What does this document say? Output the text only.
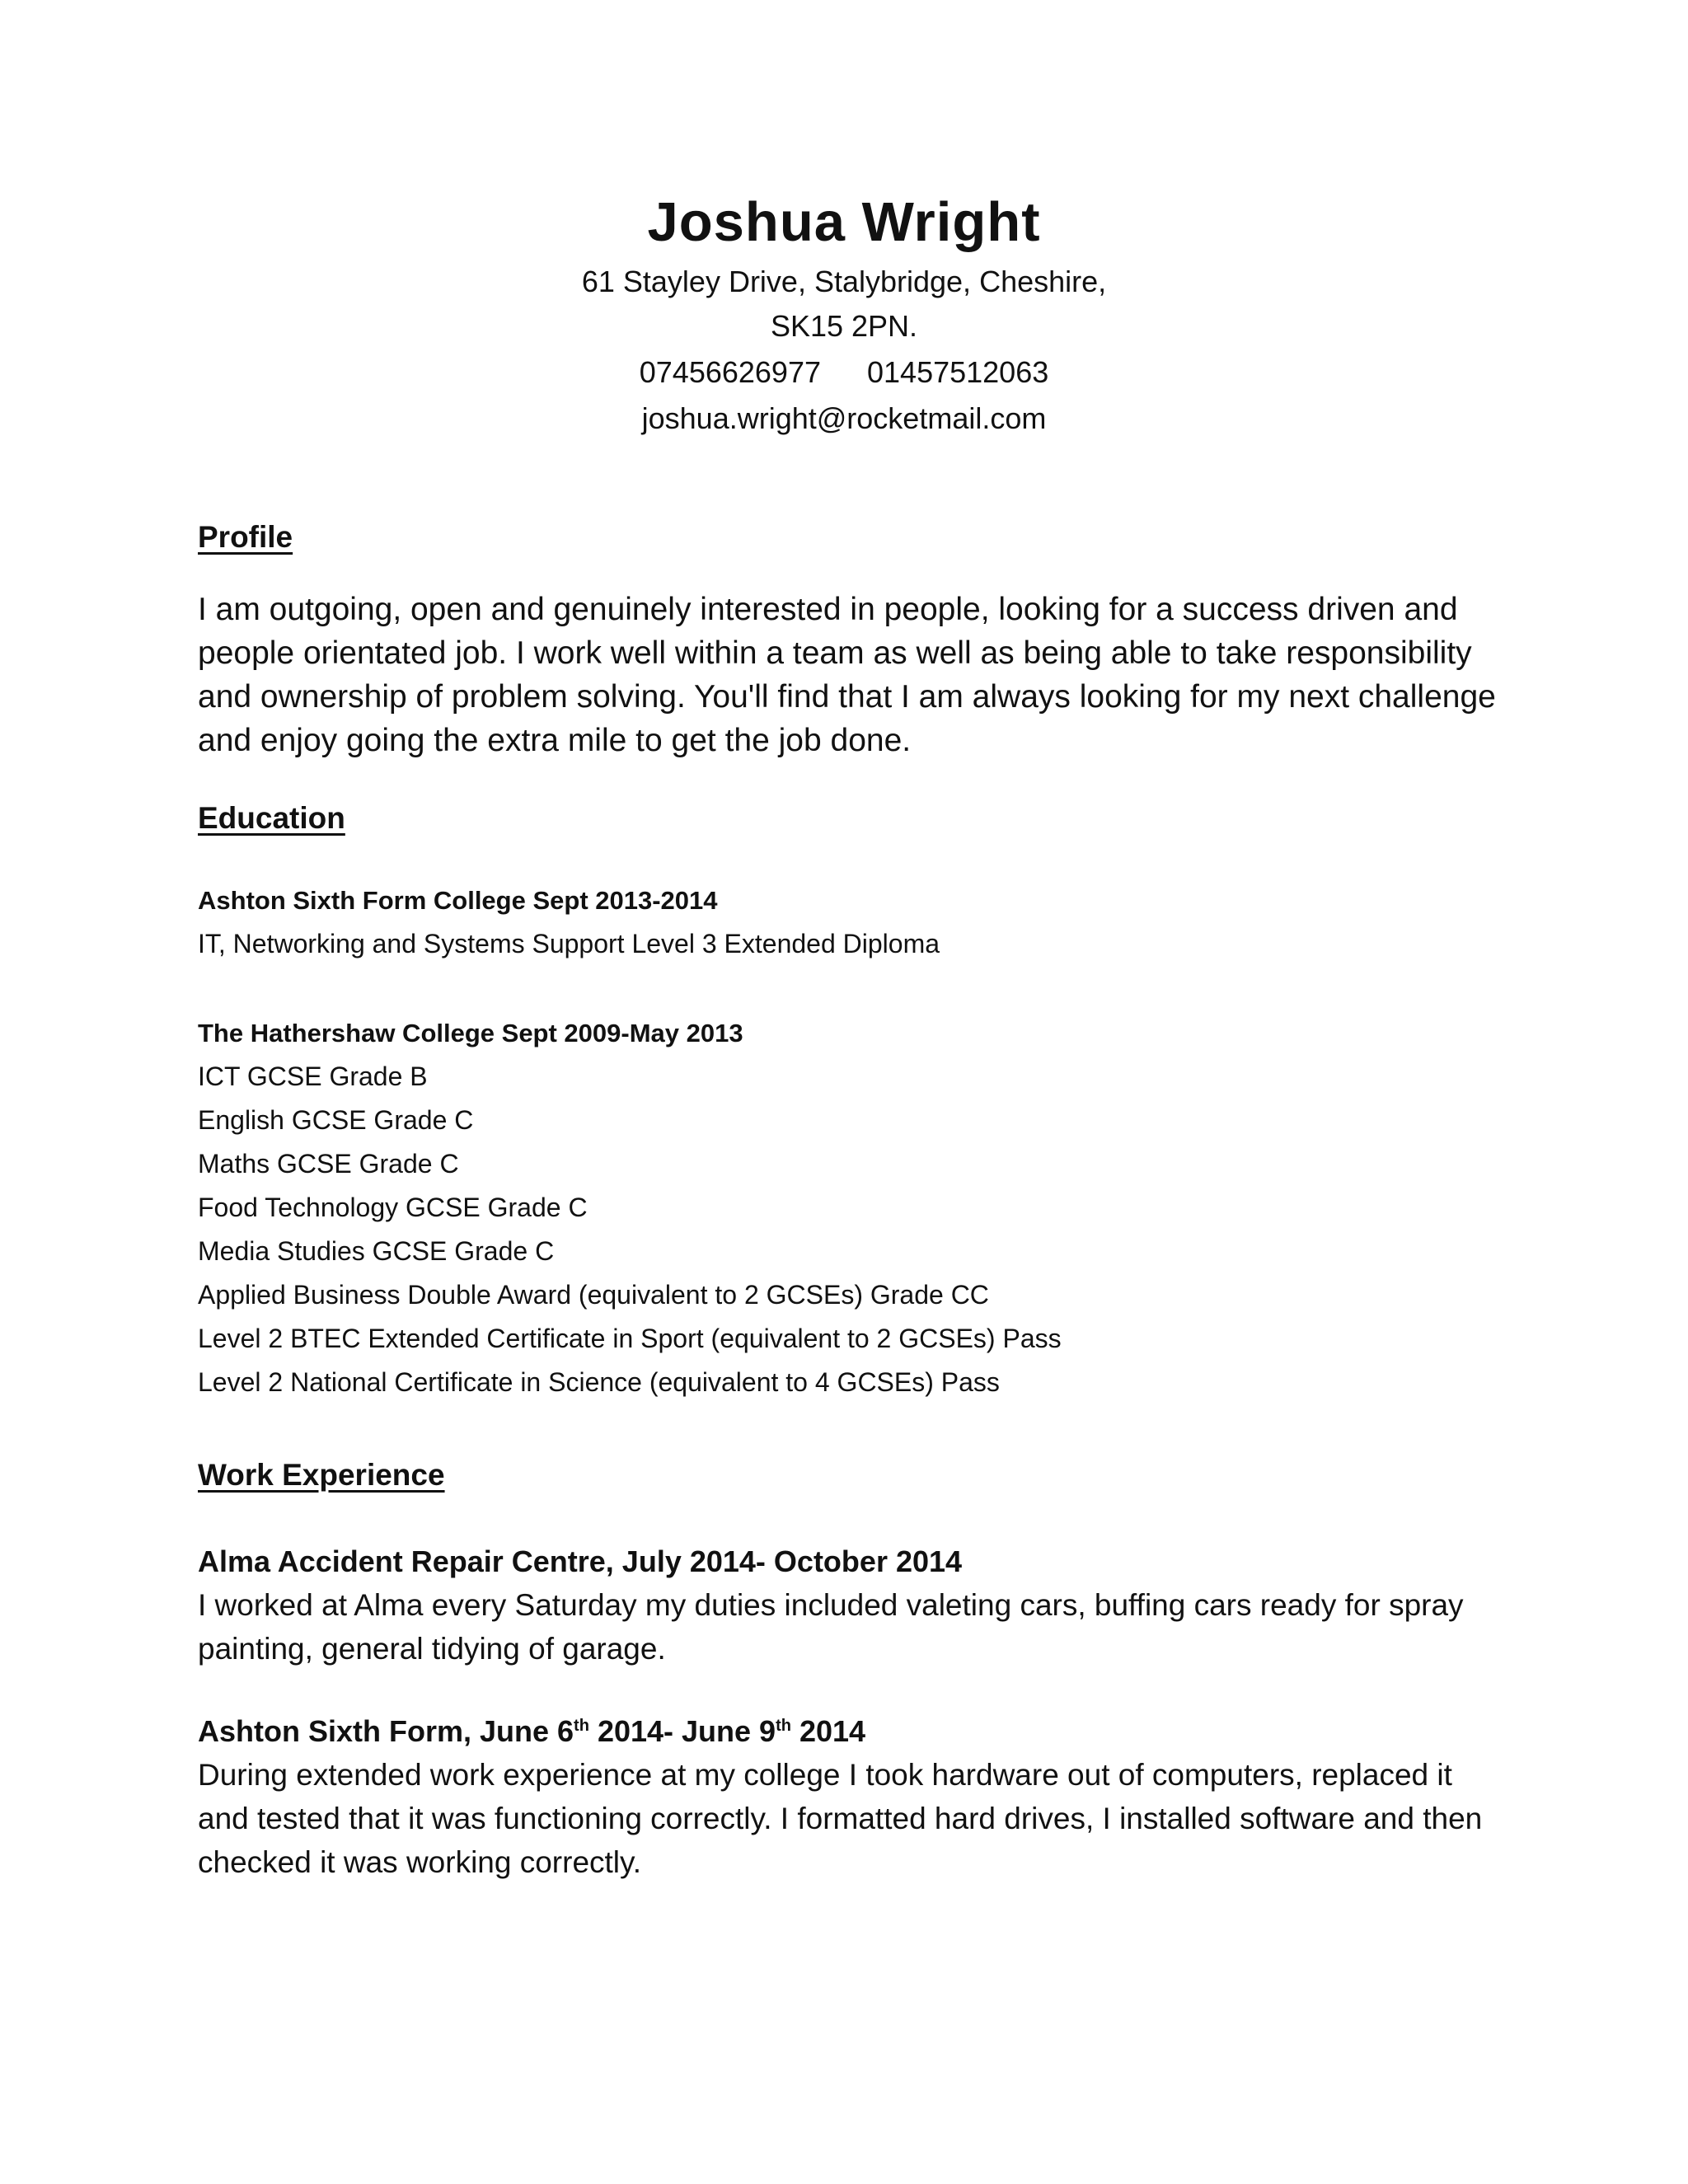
Joshua Wright

61 Stayley Drive, Stalybridge, Cheshire,

SK15 2PN.

07456626977 01457512063

joshua.wright@rocketmail.com

Profile

I am outgoing, open and genuinely interested in people, looking for a success driven and people orientated job. I work well within a team as well as being able to take responsibility and ownership of problem solving. You'll find that I am always looking for my next challenge and enjoy going the extra mile to get the job done.

Education

Ashton Sixth Form College Sept 2013-2014

IT, Networking and Systems Support Level 3 Extended Diploma

The Hathershaw College Sept 2009-May 2013

ICT GCSE Grade B

English GCSE Grade C

Maths GCSE Grade C

Food Technology GCSE Grade C

Media Studies GCSE Grade C

Applied Business Double Award (equivalent to 2 GCSEs) Grade CC

Level 2 BTEC Extended Certificate in Sport (equivalent to 2 GCSEs) Pass

Level 2 National Certificate in Science (equivalent to 4 GCSEs) Pass

Work Experience

Alma Accident Repair Centre, July 2014- October 2014

I worked at Alma every Saturday my duties included valeting cars, buffing cars ready for spray painting, general tidying of garage.

Ashton Sixth Form, June 6th 2014- June 9th 2014

During extended work experience at my college I took hardware out of computers, replaced it and tested that it was functioning correctly. I formatted hard drives, I installed software and then checked it was working correctly.
